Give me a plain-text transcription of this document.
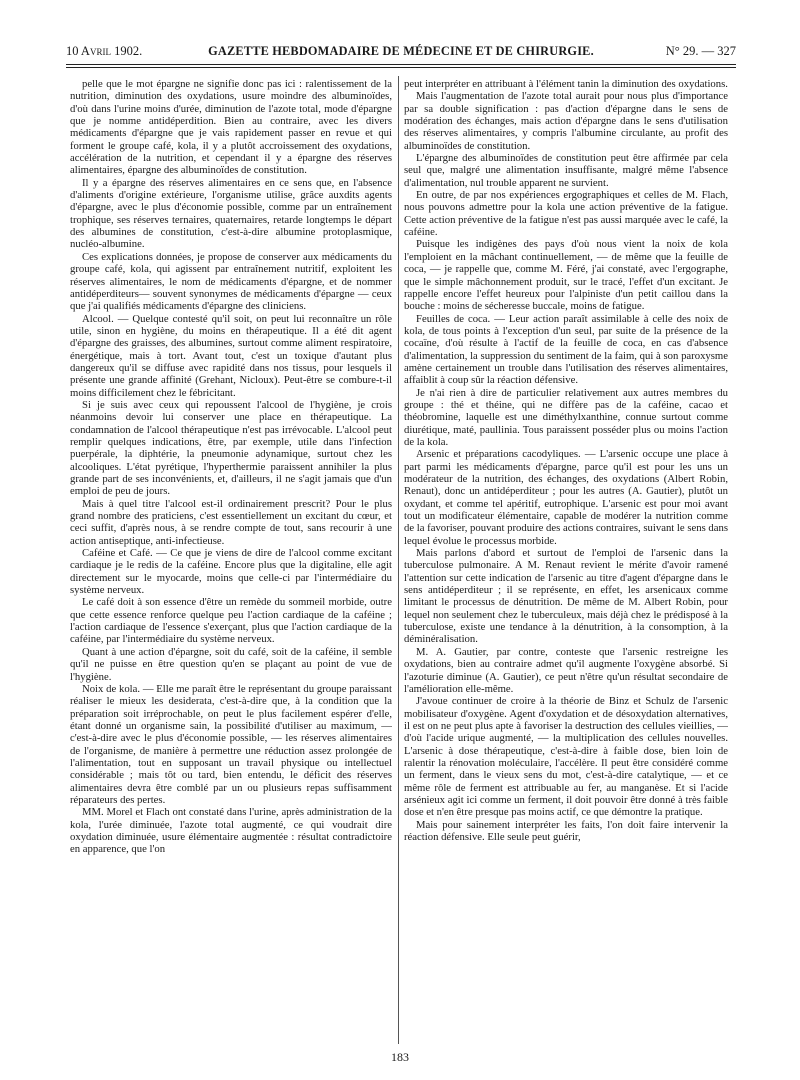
10 Avril 1902.	GAZETTE HEBDOMADAIRE DE MÉDECINE ET DE CHIRURGIE.	N° 29. — 327

pelle que le mot épargne ne signifie donc pas ici : ralentissement de la nutrition, diminution des oxydations, usure moindre des albuminoïdes, d'où dans l'urine moins d'urée, diminution de l'azote total, mode d'épargne que je nomme antidéperdition. Bien au contraire, avec les divers médicaments d'épargne que je vais rapidement passer en revue et qui forment le groupe café, kola, il y a plutôt accroissement des oxydations, accélération de la nutrition, et cependant il y a épargne des réserves alimentaires, épargne des albuminoïdes de constitution.

Il y a épargne des réserves alimentaires en ce sens que, en l'absence d'aliments d'origine extérieure, l'organisme utilise, grâce auxdits agents d'épargne, avec le plus d'économie possible, comme par un entraînement trophique, ses réserves ternaires, quaternaires, retarde longtemps le départ des albumines de constitution, c'est-à-dire albumine protoplasmique, nucléo-albumine.

Ces explications données, je propose de conserver aux médicaments du groupe café, kola, qui agissent par entraînement nutritif, exploitent les réserves alimentaires, le nom de médicaments d'épargne, et de nommer antidéperditeurs— souvent synonymes de médicaments d'épargne — ceux que j'ai qualifiés médicaments d'épargne des cliniciens.

Alcool. — Quelque contesté qu'il soit, on peut lui reconnaître un rôle utile, sinon en hygiène, du moins en thérapeutique. Il a été dit agent d'épargne des graisses, des albumines, surtout comme aliment respiratoire, énergétique, mais à tort. Avant tout, c'est un toxique d'autant plus dangereux qu'il se diffuse avec rapidité dans nos tissus, pour lesquels il présente une grande affinité (Grehant, Nicloux). Peut-être se combure-t-il moins difficilement chez le fébricitant.

Si je suis avec ceux qui repoussent l'alcool de l'hygiène, je crois néanmoins devoir lui conserver une place en thérapeutique. La condamnation de l'alcool thérapeutique n'est pas irrévocable. L'alcool peut remplir quelques indications, être, par exemple, utile dans l'infection puerpérale, la diphtérie, la pneumonie adynamique, surtout chez les alcooliques. L'état pyrétique, l'hyperthermie paraissent annihiler la plus grande part de ses inconvénients, et, d'ailleurs, il ne s'agit jamais que d'un emploi de peu de jours.

Mais à quel titre l'alcool est-il ordinairement prescrit? Pour le plus grand nombre des praticiens, c'est essentiellement un excitant du cœur, et ceci suffit, d'après nous, à se rendre compte de tout, sans recourir à une action antiseptique, anti-infectieuse.

Caféine et Café. — Ce que je viens de dire de l'alcool comme excitant cardiaque je le redis de la caféine. Encore plus que la digitaline, elle agit directement sur le myocarde, moins que celle-ci par l'intermédiaire du système nerveux.

Le café doit à son essence d'être un remède du sommeil morbide, outre que cette essence renforce quelque peu l'action cardiaque de la caféine ; l'action cardiaque de l'essence s'exerçant, plus que l'action cardiaque de la caféine, par l'intermédiaire du système nerveux.

Quant à une action d'épargne, soit du café, soit de la caféine, il semble qu'il ne puisse en être question qu'en se plaçant au point de vue de l'hygiène.

Noix de kola. — Elle me paraît être le représentant du groupe paraissant réaliser le mieux les desiderata, c'est-à-dire que, à la condition que la préparation soit irréprochable, on peut le plus facilement espérer d'elle, étant donné un organisme sain, la possibilité d'utiliser au maximum, — c'est-à-dire avec le plus d'économie possible, — les réserves alimentaires de l'organisme, de manière à permettre une réduction assez prolongée de l'alimentation, tout en supposant un travail physique ou intellectuel considérable ; mais tôt ou tard, bien entendu, le déficit des réserves alimentaires devra être comblé par un ou plusieurs repas suffisamment réparateurs des pertes.

MM. Morel et Flach ont constaté dans l'urine, après administration de la kola, l'urée diminuée, l'azote total augmenté, ce qui voudrait dire oxydation diminuée, usure élémentaire augmentée : résultat contradictoire en apparence, que l'on

peut interpréter en attribuant à l'élément tanin la diminution des oxydations.

Mais l'augmentation de l'azote total aurait pour nous plus d'importance par sa double signification : pas d'action d'épargne dans le sens de modération des échanges, mais action d'épargne dans le sens d'utilisation des réserves alimentaires, y compris l'albumine circulante, au profit des albuminoïdes de constitution.

L'épargne des albuminoïdes de constitution peut être affirmée par cela seul que, malgré une alimentation insuffisante, malgré même l'absence d'alimentation, nul trouble apparent ne survient.

En outre, de par nos expériences ergographiques et celles de M. Flach, nous pouvons admettre pour la kola une action préventive de la fatigue. Cette action préventive de la fatigue n'est pas aussi marquée avec le café, la caféine.

Puisque les indigènes des pays d'où nous vient la noix de kola l'emploient en la mâchant continuellement, — de même que la feuille de coca, — je rappelle que, comme M. Féré, j'ai constaté, avec l'ergographe, que le simple mâchonnement produit, sur le tracé, l'effet d'un excitant. Je rappelle encore l'effet heureux pour l'alpiniste d'un petit caillou dans la bouche : moins de sécheresse buccale, moins de fatigue.

Feuilles de coca. — Leur action paraît assimilable à celle des noix de kola, de tous points à l'exception d'un seul, par suite de la présence de la cocaïne, d'où résulte à l'actif de la feuille de coca, en cas d'absence d'alimentation, la suppression du sentiment de la faim, qui à son paroxysme amène certainement un trouble dans l'utilisation des réserves alimentaires, affaiblit à coup sûr la réaction défensive.

Je n'ai rien à dire de particulier relativement aux autres membres du groupe : thé et théine, qui ne diffère pas de la caféine, cacao et théobromine, laquelle est une diméthylxanthine, connue surtout comme diurétique, maté, paullinia. Tous paraissent posséder plus ou moins l'action de la kola.

Arsenic et préparations cacodyliques. — L'arsenic occupe une place à part parmi les médicaments d'épargne, parce qu'il est pour les uns un modérateur de la nutrition, des échanges, des oxydations (Albert Robin, Renaut), donc un antidéperditeur ; pour les autres (A. Gautier), plutôt un oxydant, et comme tel apéritif, eutrophique. L'arsenic est pour moi avant tout un modificateur élémentaire, capable de modérer la nutrition comme de la favoriser, pouvant produire des actions contraires, suivant le sens dans lequel évolue le processus morbide.

Mais parlons d'abord et surtout de l'emploi de l'arsenic dans la tuberculose pulmonaire. A M. Renaut revient le mérite d'avoir ramené l'attention sur cette indication de l'arsenic au titre d'agent d'épargne dans le sens antidéperditeur ; il se représente, en effet, les arsenicaux comme limitant le processus de dénutrition. De même de M. Albert Robin, pour lequel non seulement chez le tuberculeux, mais déjà chez le prédisposé à la tuberculose, existe une tendance à la dénutrition, à la consomption, à la déminéralisation.

M. A. Gautier, par contre, conteste que l'arsenic restreigne les oxydations, bien au contraire admet qu'il augmente l'oxygène absorbé. Si l'azoturie diminue (A. Gautier), ce peut n'être qu'un résultat secondaire de l'amélioration elle-même.

J'avoue continuer de croire à la théorie de Binz et Schulz de l'arsenic mobilisateur d'oxygène. Agent d'oxydation et de désoxydation alternatives, il est on ne peut plus apte à favoriser la destruction des cellules vieillies, — d'où l'acide urique augmenté, — la multiplication des cellules nouvelles. L'arsenic à dose thérapeutique, c'est-à-dire à faible dose, bien loin de ralentir la rénovation moléculaire, l'accélère. Il peut être considéré comme un ferment, dans le vieux sens du mot, c'est-à-dire catalytique, — et ce même rôle de ferment est attribuable au fer, au manganèse. Et si l'acide arsénieux agit ici comme un ferment, il doit pouvoir être donné à très faible dose et n'en être presque pas moins actif, ce que démontre la pratique.

Mais pour sainement interpréter les faits, l'on doit faire intervenir la réaction défensive. Elle seule peut guérir,

183
